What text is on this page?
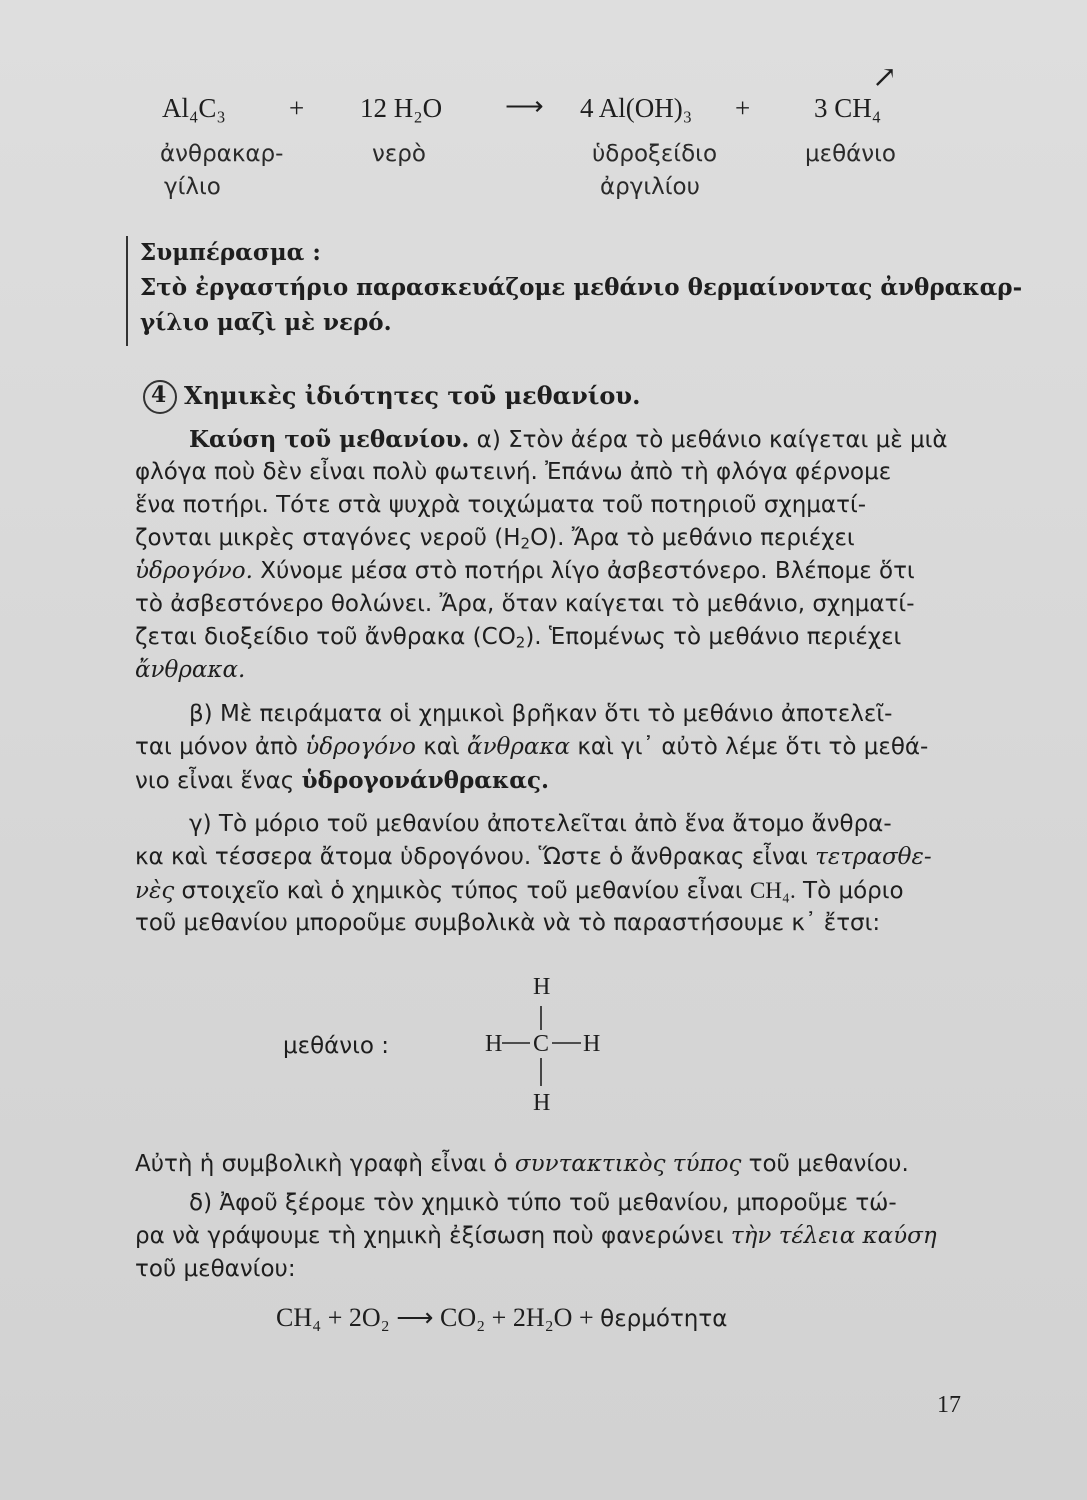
Al₄C₃ + 12 H₂O ⟶ 4 Al(OH)₃ + 3 CH₄
↗
ἀνθρακαρ-
γίλιο
νερὸ	ὑδροξείδιο
ἀργιλίου
μεθάνιο
Συμπέρασμα :
Στὸ ἐργαστήριο παρασκευάζομε μεθάνιο θερμαίνοντας ἀνθρακαρ-
γίλιο μαζὶ μὲ νερό.
4 Χημικὲς ἰδιότητες τοῦ μεθανίου.
Καύση τοῦ μεθανίου. α) Στὸν ἀέρα τὸ μεθάνιο καίγεται μὲ μιὰ
φλόγα ποὺ δὲν εἶναι πολὺ φωτεινή. Ἐπάνω ἀπὸ τὴ φλόγα φέρνομε
ἕνα ποτήρι. Τότε στὰ ψυχρὰ τοιχώματα τοῦ ποτηριοῦ σχηματί-
ζονται μικρὲς σταγόνες νεροῦ $(H_2O)$. Ἄρα τὸ μεθάνιο περιέχει
ὑδρογόνο. Χύνομε μέσα στὸ ποτήρι λίγο ἀσβεστόνερο. Βλέπομε ὅτι
τὸ ἀσβεστόνερο θολώνει. Ἄρα, ὅταν καίγεται τὸ μεθάνιο, σχηματί-
ζεται διοξείδιο τοῦ ἄνθρακα $(CO_2)$. Ἑπομένως τὸ μεθάνιο περιέχει
ἄνθρακα.
β) Μὲ πειράματα οἱ χημικοὶ βρῆκαν ὅτι τὸ μεθάνιο ἀποτελεῖ-
ται μόνον ἀπὸ ὑδρογόνο καὶ ἄνθρακα καὶ γι᾽ αὐτὸ λέμε ὅτι τὸ μεθά-
νιο εἶναι ἕνας ὑδρογονάνθρακας.
γ) Τὸ μόριο τοῦ μεθανίου ἀποτελεῖται ἀπὸ ἕνα ἄτομο ἄνθρα-
κα καὶ τέσσερα ἄτομα ὑδρογόνου. Ὥστε ὁ ἄνθρακας εἶναι τετρασθε-
νὲς στοιχεῖο καὶ ὁ χημικὸς τύπος τοῦ μεθανίου εἶναι CH₄. Τὸ μόριο
τοῦ μεθανίου μποροῦμε συμβολικὰ νὰ τὸ παραστήσουμε κ᾽ ἔτσι:
μεθάνιο :
H
H C H
H
Αὐτὴ ἡ συμβολικὴ γραφὴ εἶναι ὁ συντακτικὸς τύπος τοῦ μεθανίου.
δ) Ἀφοῦ ξέρομε τὸν χημικὸ τύπο τοῦ μεθανίου, μποροῦμε τώ-
ρα νὰ γράψουμε τὴ χημικὴ ἐξίσωση ποὺ φανερώνει τὴν τέλεια καύση
τοῦ μεθανίου:
CH₄ + 2O₂ ⟶ CO₂ + 2H₂O + θερμότητα
17
